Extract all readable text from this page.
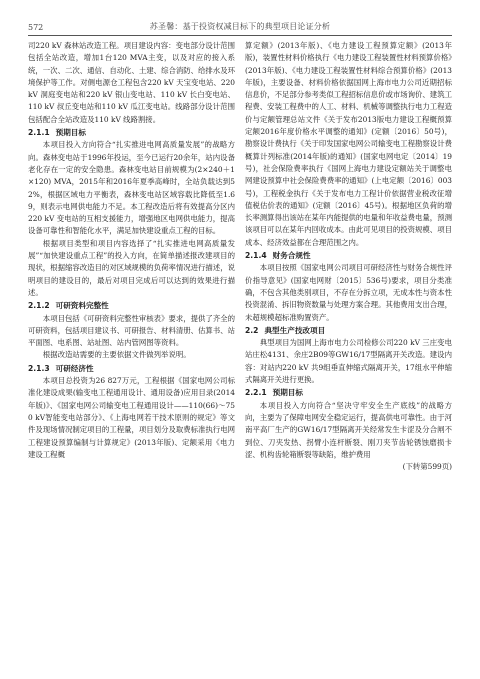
572	苏圣馨：基于投资权减目标下的典型项目论证分析

司220 kV 森林站改造工程。项目建设内容：变电部分设计范围包括全站改造，增加1台120 MVA主变，以及对应的接入系统，一次、二次、通信、自动化、土建、综合消防、给排水及环境保护等工作。对侧电源仓工程包含220 kV 天宝变电站、220 kV 洞庭变电站和220 kV 银山变电站、110 kV 长白变电站、110 kV 叔丘变电站和110 kV 瓜江变电站。线路部分设计范围包括配合全站改造及110 kV 线路割接。

2.1.1 预期目标

本项目投入方向符合“扎实推进电网高质量发展”的战略方向。森林变电站于1996年投运，至今已运行20余年，站内设备老化存在一定的安全隐患。森林变电站目前规模为(2×240＋1×120) MVA，2015年和2016年夏季高峰时，全站负载达到52%，根据区域电力平衡表，森林变电站区域容载比降低至1.69，则表示电网供电能力不足。本工程改造后将有效提高分区内220 kV 变电站的互相支援能力，增强地区电网供电能力，提高设备可靠性和智能化水平，满足加快建设重点工程的目标。

根据项目类型和项目内容选择了“扎实推进电网高质量发展”“加快建设重点工程”的投入方向，在简单描述报改建项目的现状，根据缩容改造目的对区域规模的负荷率情况进行描述，说明项目的建设目的，最后对项目完成后可以达到的效果进行描述。

2.1.2 可研资料完整性

本项目包括《可研资料完整性审核表》要求，提供了齐全的可研资料，包括项目建议书、可研报告、材料清册、估算书、站平面图、电系图、站址图、站内管网图等资料。

根据改造站需要的主要依据文件做列举说明。

2.1.3 可研经济性

本项目总投资为26 827万元，工程根据《国家电网公司标准化建设成果(输变电工程通用设计、通用设备)应用目录(2014年版)》、《国家电网公司输变电工程通用设计——110(66)～750 kV智能变电站部分》、《上海电网若干技术原则的规定》等文件及现场情况制定项目的工程量，项目划分及取费标准执行电网工程建设预算编制与计算规定》(2013年版)、定额采用《电力建设工程概

算定额》(2013年版)、《电力建设工程预算定额》(2013年版)，装置性材料价格执行《电力建设工程装置性材料预算价格》(2013年版)、《电力建设工程装置性材料综合预算价格》(2013年版)，主要设备、材料价格依据国网上海市电力公司近期招标信息价，不足部分参考类似工程招标信息价或市场询价、建筑工程费、安装工程费中的人工、材料、机械等调整执行电力工程造价与定额管理总站文件《关于发布2013版电力建设工程概预算定额2016年度价格水平调整的通知》(定额〔2016〕50号)，勘察设计费执行《关于印发国家电网公司输变电工程勘察设计费概算计列标准(2014年版)的通知》(国家电网电定〔2014〕19号)，社会保险费率执行《国网上海电力建设定额站关于调整电网建设预算中社会保险费费率的通知》(上电定额〔2016〕003号)，工程税金执行《关于发布电力工程计价依据营业税改征增值税估价表的通知》(定额〔2016〕45号)。根据地区负荷的增长率测算得出该站在某年内能提供的电量和年收益费电量，预测该项目可以在某年内回收成本。由此可见项目的投资规模、项目成本、经济效益都在合理范围之内。

2.1.4 财务合规性

本项目按照《国家电网公司项目可研经济性与财务合规性评价指导意见》(国家电网财〔2015〕536号)要求，项目分类准确，不包含其他类别项目，不存在分拆立项，无成本性与资本性投资混淆、拆旧物资数量与处理方案合理。其他费用支出合理，未超规模超标准购置资产。

2.2 典型生产技改项目

典型项目为国网上海市电力公司检修公司220 kV 三庄变电站庄松4131、余庄2B09等GW16/17型隔离开关改造。建设内容：对站内220 kV 共9组垂直伸缩式隔离开关，17组水平伸缩式隔离开关进行更换。

2.2.1 预期目标

本项目投入方向符合“坚决守牢安全生产底线”的战略方向，主要为了保障电网安全稳定运行，提高供电可靠性。由于河南平高厂生产的GW16/17型隔离开关经常发生卡涩及分合闸不到位、刀夹发热、拐臂小连杆断裂、刚刀夹节齿轮锈蚀磨损卡涩、机构齿轮箱断裂等缺陷，维护费用

(下转第599页)
